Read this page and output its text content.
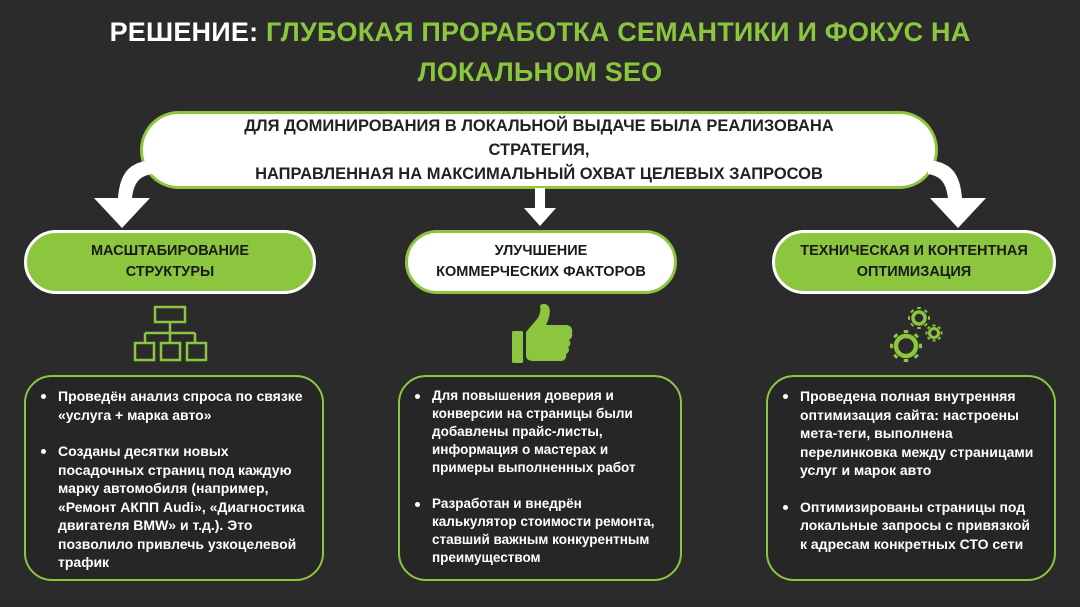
РЕШЕНИЕ: ГЛУБОКАЯ ПРОРАБОТКА СЕМАНТИКИ И ФОКУС НА
ЛОКАЛЬНОМ SEO
ДЛЯ ДОМИНИРОВАНИЯ В ЛОКАЛЬНОЙ ВЫДАЧЕ БЫЛА РЕАЛИЗОВАНА СТРАТЕГИЯ,
НАПРАВЛЕННАЯ НА МАКСИМАЛЬНЫЙ ОХВАТ ЦЕЛЕВЫХ ЗАПРОСОВ
МАСШТАБИРОВАНИЕ
СТРУКТУРЫ
УЛУЧШЕНИЕ
КОММЕРЧЕСКИХ ФАКТОРОВ
ТЕХНИЧЕСКАЯ И КОНТЕНТНАЯ
ОПТИМИЗАЦИЯ
Проведён анализ спроса по связке «услуга + марка авто»
Созданы десятки новых посадочных страниц под каждую марку автомобиля (например, «Ремонт АКПП Audi», «Диагностика двигателя BMW» и т.д.). Это позволило привлечь узкоцелевой трафик
Для повышения доверия и конверсии на страницы были добавлены прайс-листы, информация о мастерах и примеры выполненных работ
Разработан и внедрён калькулятор стоимости ремонта, ставший важным конкурентным преимуществом
Проведена полная внутренняя оптимизация сайта: настроены мета-теги, выполнена перелинковка между страницами услуг и марок авто
Оптимизированы страницы под локальные запросы с привязкой к адресам конкретных СТО сети
